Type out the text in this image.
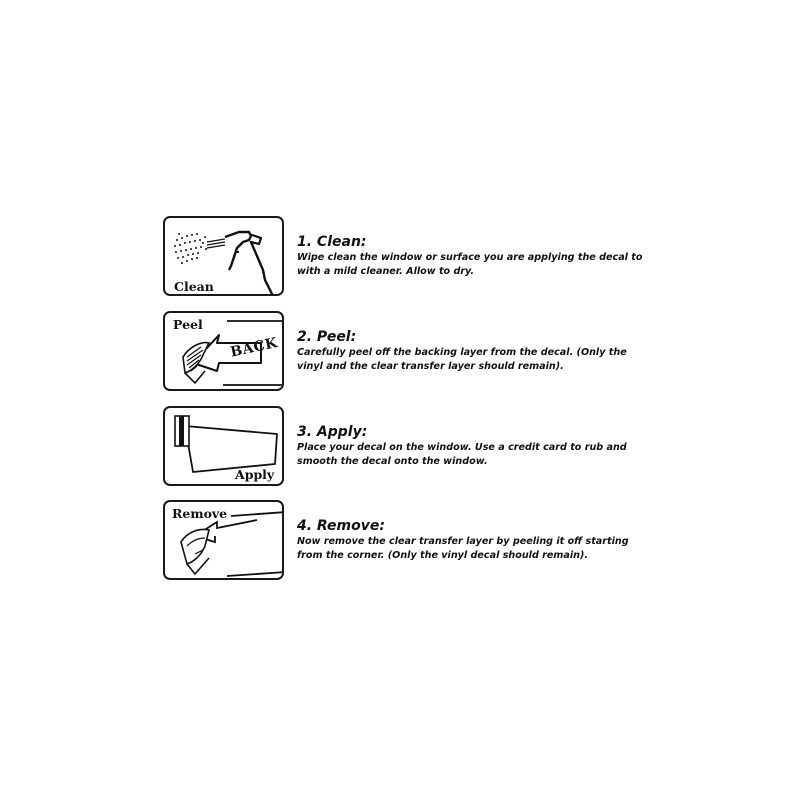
Clean
1. Clean:
Wipe clean the window or surface you are applying the decal to with a mild cleaner. Allow to dry.
Peel
BACK 2. Peel:
Carefully peel off the backing layer from the decal. (Only the vinyl and the clear transfer layer should remain).
Apply
3. Apply:
Place your decal on the window. Use a credit card to rub and smooth the decal onto the window.
Remove
4. Remove:
Now remove the clear transfer layer by peeling it off starting from the corner. (Only the vinyl decal should remain).
